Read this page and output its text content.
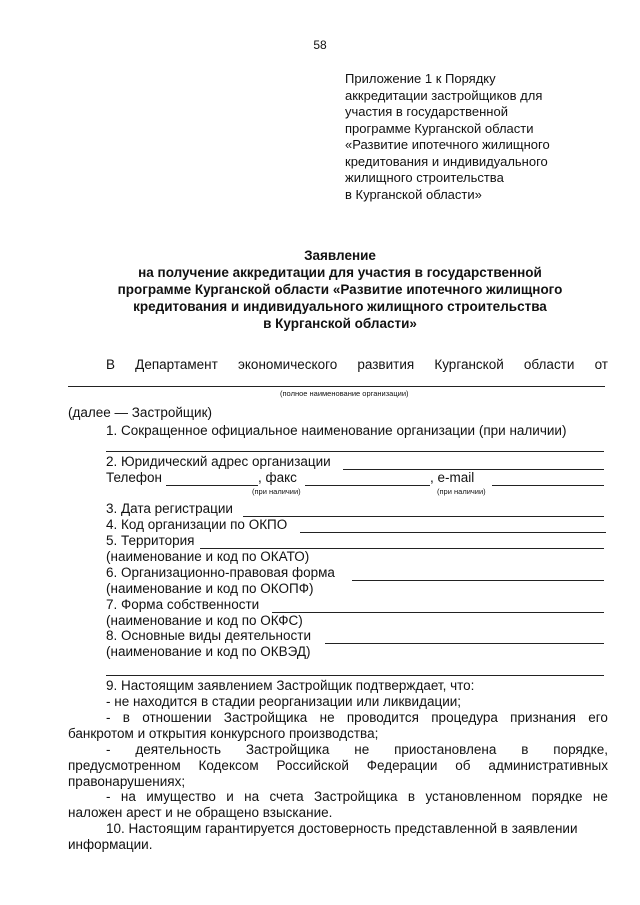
58
Приложение 1 к Порядку
аккредитации застройщиков для
участия в государственной
программе Курганской области
«Развитие ипотечного жилищного
кредитования и индивидуального
жилищного строительства
в Курганской области»
Заявление
на получение аккредитации для участия в государственной
программе Курганской области «Развитие ипотечного жилищного
кредитования и индивидуального жилищного строительства
в Курганской области»
В Департамент экономического развития Курганской области от
(полное наименование организации)
(далее — Застройщик)
1. Сокращенное официальное наименование организации (при наличии)
2. Юридический адрес организации
Телефон	, факс	, e-mail
(при наличии)	(при наличии)
3. Дата регистрации
4. Код организации по ОКПО
5. Территория
(наименование и код по ОКАТО)
6. Организационно-правовая форма
(наименование и код по ОКОПФ)
7. Форма собственности
(наименование и код по ОКФС)
8. Основные виды деятельности
(наименование и код по ОКВЭД)
9. Настоящим заявлением Застройщик подтверждает, что:
- не находится в стадии реорганизации или ликвидации;
- в отношении Застройщика не проводится процедура признания его
банкротом и открытия конкурсного производства;
- деятельность Застройщика не приостановлена в порядке,
предусмотренном Кодексом Российской Федерации об административных
правонарушениях;
- на имущество и на счета Застройщика в установленном порядке не
наложен арест и не обращено взыскание.
10. Настоящим гарантируется достоверность представленной в заявлении
информации.
